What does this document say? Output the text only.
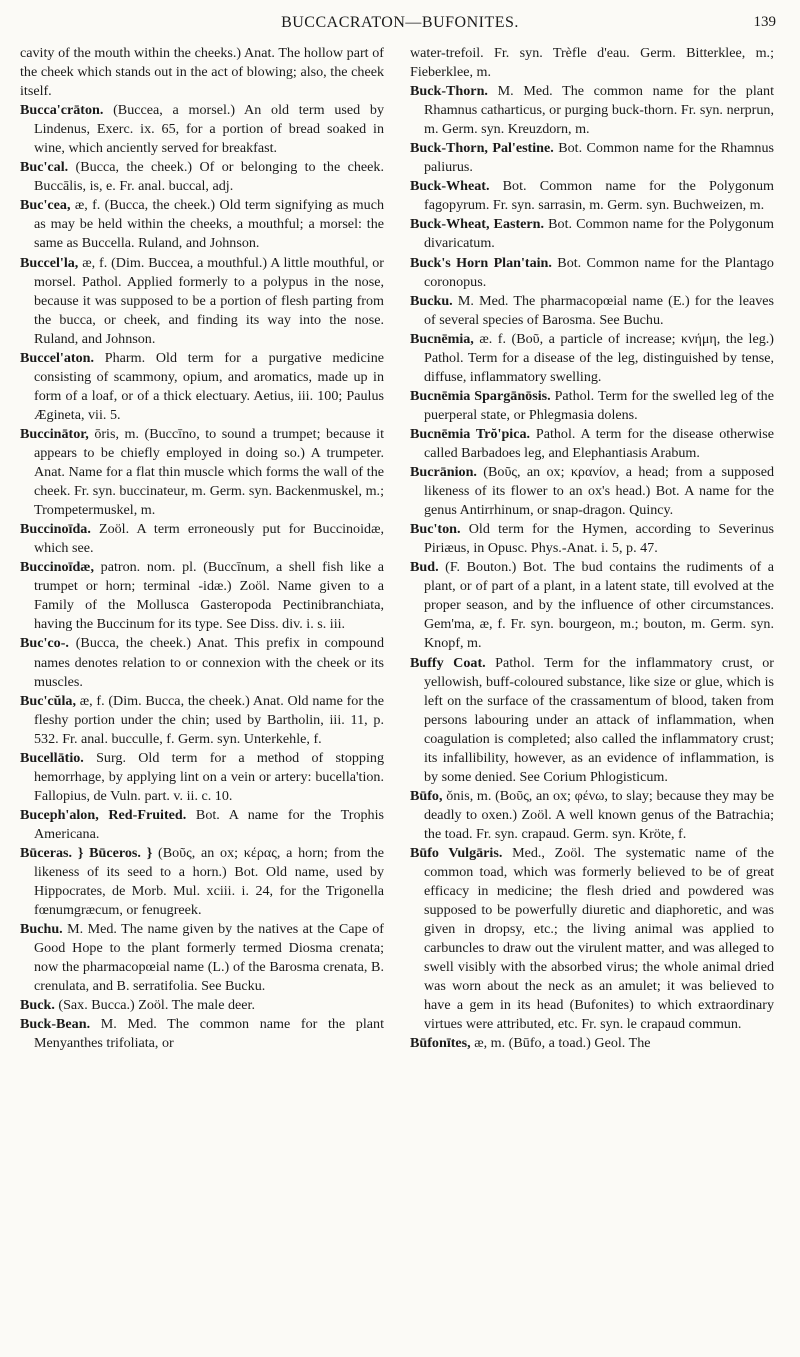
BUCCACRATON—BUFONITES.	139

cavity of the mouth within the cheeks.) Anat. The hollow part of the cheek which stands out in the act of blowing; also, the cheek itself.

Bucca'crāton. (Buccea, a morsel.) An old term used by Lindenus, Exerc. ix. 65, for a portion of bread soaked in wine, which anciently served for breakfast.

Buc'cal. (Bucca, the cheek.) Of or belonging to the cheek. Buccālis, is, e. Fr. anal. buccal, adj.

Buc'cea, æ, f. (Bucca, the cheek.) Old term signifying as much as may be held within the cheeks, a mouthful; a morsel: the same as Buccella. Ruland, and Johnson.

Buccel'la, æ, f. (Dim. Buccea, a mouthful.) A little mouthful, or morsel. Pathol. Applied formerly to a polypus in the nose, because it was supposed to be a portion of flesh parting from the bucca, or cheek, and finding its way into the nose. Ruland, and Johnson.

Buccel'aton. Pharm. Old term for a purgative medicine consisting of scammony, opium, and aromatics, made up in form of a loaf, or of a thick electuary. Aetius, iii. 100; Paulus Ægineta, vii. 5.

Buccinātor, ōris, m. (Buccīno, to sound a trumpet; because it appears to be chiefly employed in doing so.) A trumpeter. Anat. Name for a flat thin muscle which forms the wall of the cheek. Fr. syn. buccinateur, m. Germ. syn. Backenmuskel, m.; Trompetermuskel, m.

Buccinoīda. Zoöl. A term erroneously put for Buccinoidæ, which see.

Buccinoīdæ, patron. nom. pl. (Buccīnum, a shell fish like a trumpet or horn; terminal -idæ.) Zoöl. Name given to a Family of the Mollusca Gasteropoda Pectinibranchiata, having the Buccinum for its type. See Diss. div. i. s. iii.

Buc'co-. (Bucca, the cheek.) Anat. This prefix in compound names denotes relation to or connexion with the cheek or its muscles.

Buc'cŭla, æ, f. (Dim. Bucca, the cheek.) Anat. Old name for the fleshy portion under the chin; used by Bartholin, iii. 11, p. 532. Fr. anal. bucculle, f. Germ. syn. Unterkehle, f.

Bucellātio. Surg. Old term for a method of stopping hemorrhage, by applying lint on a vein or artery: bucella'tion. Fallopius, de Vuln. part. v. ii. c. 10.

Buceph'alon, Red-Fruited. Bot. A name for the Trophis Americana.

Būceras. } Būceros. } (Boῦς, an ox; κέρας, a horn; from the likeness of its seed to a horn.) Bot. Old name, used by Hippocrates, de Morb. Mul. xciii. i. 24, for the Trigonella fœnumgræcum, or fenugreek.

Buchu. M. Med. The name given by the natives at the Cape of Good Hope to the plant formerly termed Diosma crenata; now the pharmacopœial name (L.) of the Barosma crenata, B. crenulata, and B. serratifolia. See Bucku.

Buck. (Sax. Bucca.) Zoöl. The male deer.

Buck-Bean. M. Med. The common name for the plant Menyanthes trifoliata, or

water-trefoil. Fr. syn. Trèfle d'eau. Germ. Bitterklee, m.; Fieberklee, m.

Buck-Thorn. M. Med. The common name for the plant Rhamnus catharticus, or purging buck-thorn. Fr. syn. nerprun, m. Germ. syn. Kreuzdorn, m.

Buck-Thorn, Pal'estine. Bot. Common name for the Rhamnus paliurus.

Buck-Wheat. Bot. Common name for the Polygonum fagopyrum. Fr. syn. sarrasin, m. Germ. syn. Buchweizen, m.

Buck-Wheat, Eastern. Bot. Common name for the Polygonum divaricatum.

Buck's Horn Plan'tain. Bot. Common name for the Plantago coronopus.

Bucku. M. Med. The pharmacopœial name (E.) for the leaves of several species of Barosma. See Buchu.

Bucnēmia, æ. f. (Boῦ, a particle of increase; κνήμη, the leg.) Pathol. Term for a disease of the leg, distinguished by tense, diffuse, inflammatory swelling.

Bucnēmia Spargānōsis. Pathol. Term for the swelled leg of the puerperal state, or Phlegmasia dolens.

Bucnēmia Trŏ'pica. Pathol. A term for the disease otherwise called Barbadoes leg, and Elephantiasis Arabum.

Bucrānion. (Boῦς, an ox; κρανίον, a head; from a supposed likeness of its flower to an ox's head.) Bot. A name for the genus Antirrhinum, or snap-dragon. Quincy.

Buc'ton. Old term for the Hymen, according to Severinus Piriæus, in Opusc. Phys.-Anat. i. 5, p. 47.

Bud. (F. Bouton.) Bot. The bud contains the rudiments of a plant, or of part of a plant, in a latent state, till evolved at the proper season, and by the influence of other circumstances. Gem'ma, æ, f. Fr. syn. bourgeon, m.; bouton, m. Germ. syn. Knopf, m.

Buffy Coat. Pathol. Term for the inflammatory crust, or yellowish, buff-coloured substance, like size or glue, which is left on the surface of the crassamentum of blood, taken from persons labouring under an attack of inflammation, when coagulation is completed; also called the inflammatory crust; its infallibility, however, as an evidence of inflammation, is by some denied. See Corium Phlogisticum.

Būfo, ŏnis, m. (Boῦς, an ox; φένω, to slay; because they may be deadly to oxen.) Zoöl. A well known genus of the Batrachia; the toad. Fr. syn. crapaud. Germ. syn. Kröte, f.

Būfo Vulgāris. Med., Zoöl. The systematic name of the common toad, which was formerly believed to be of great efficacy in medicine; the flesh dried and powdered was supposed to be powerfully diuretic and diaphoretic, and was given in dropsy, etc.; the living animal was applied to carbuncles to draw out the virulent matter, and was alleged to swell visibly with the absorbed virus; the whole animal dried was worn about the neck as an amulet; it was believed to have a gem in its head (Bufonites) to which extraordinary virtues were attributed, etc. Fr. syn. le crapaud commun.

Būfonītes, æ, m. (Būfo, a toad.) Geol. The
